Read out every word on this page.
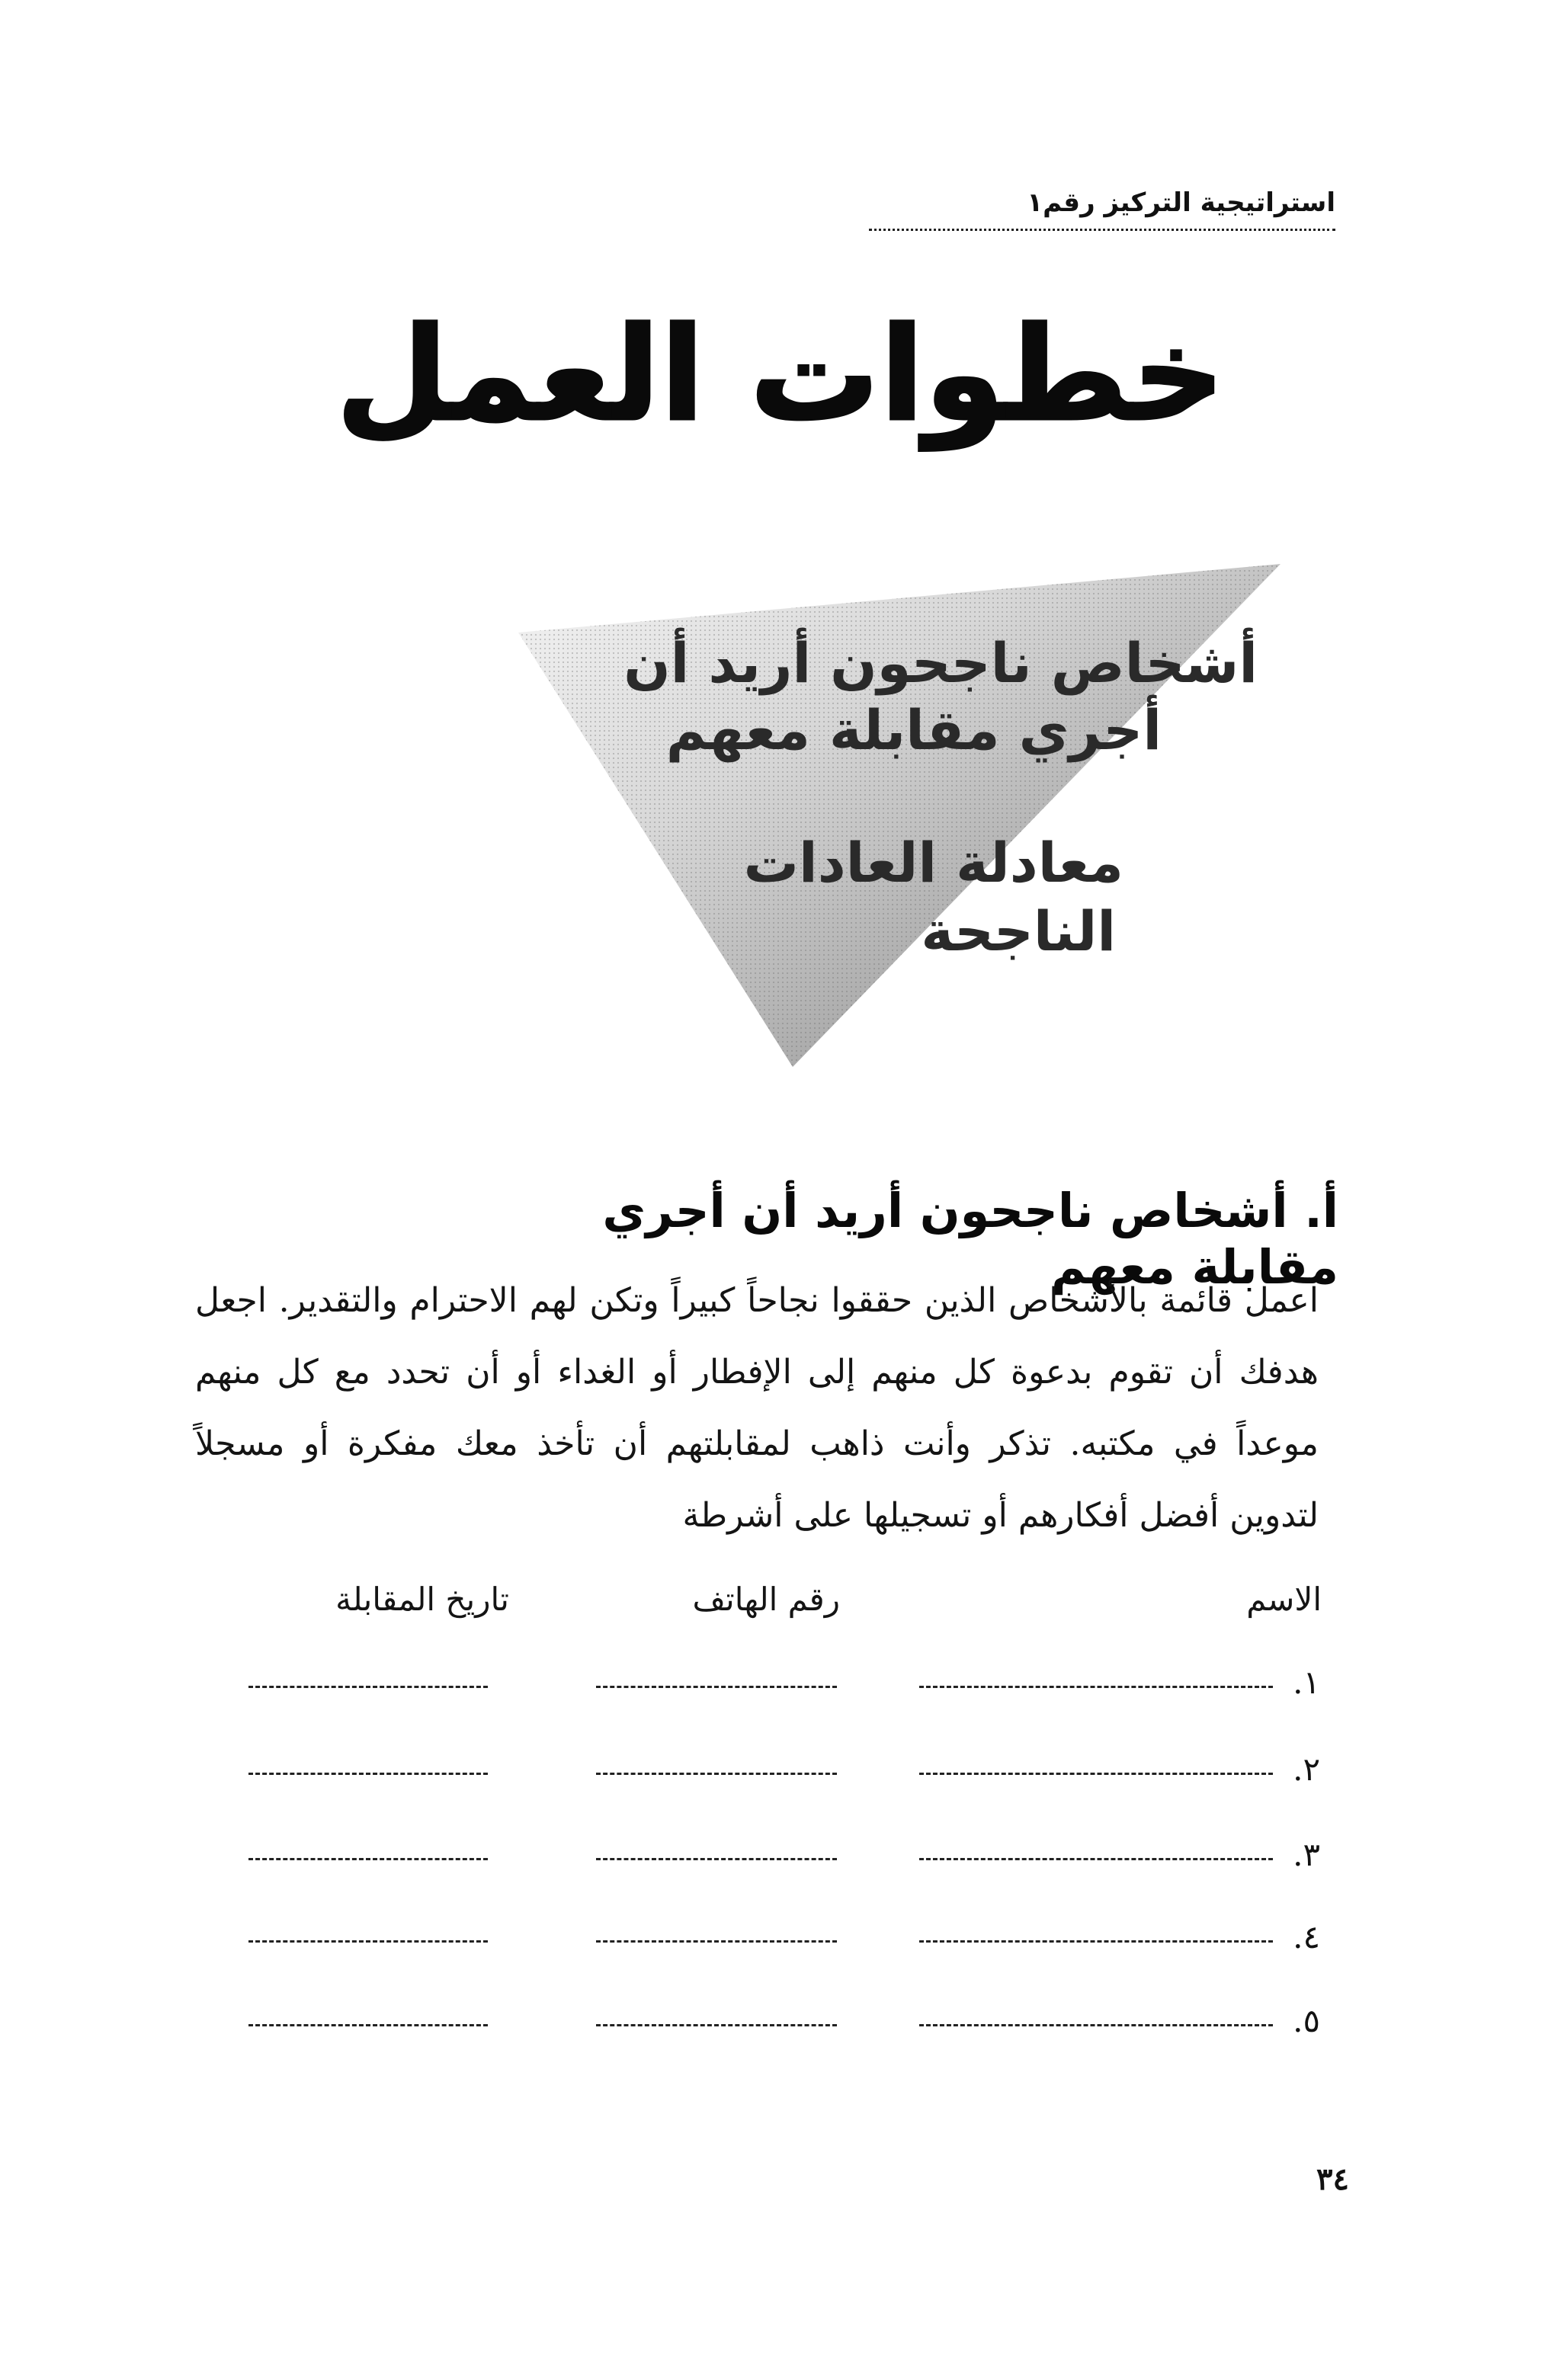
استراتيجية التركيز رقم١
خطوات العمل
أشخاص ناجحون أريد أن
أجري مقابلة معهم
معادلة العادات
الناجحة
أ. أشخاص ناجحون أريد أن أجري مقابلة معهم
اعمل قائمة بالأشخاص الذين حققوا نجاحاً كبيراً وتكن لهم الاحترام والتقدير. اجعل هدفك أن تقوم بدعوة كل منهم إلى الإفطار أو الغداء أو أن تحدد مع كل منهم موعداً في مكتبه. تذكر وأنت ذاهب لمقابلتهم أن تأخذ معك مفكرة أو مسجلاً لتدوين أفضل أفكارهم أو تسجيلها على أشرطة
الاسم
رقم الهاتف
تاريخ المقابلة
١.
٢.
٣.
٤.
٥.
٣٤
